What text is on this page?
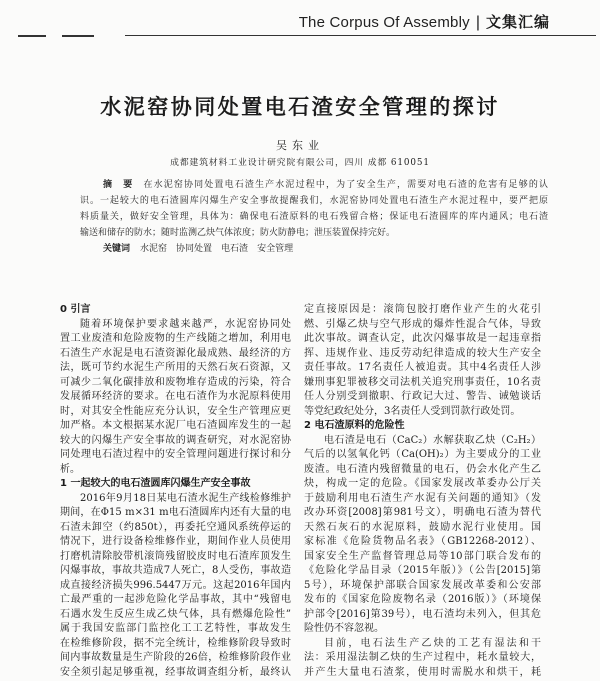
The Corpus Of Assembly | 文集汇编
水泥窑协同处置电石渣安全管理的探讨
吴东业
成都建筑材料工业设计研究院有限公司，四川 成都 610051
摘　要 在水泥窑协同处置电石渣生产水泥过程中，为了安全生产，需要对电石渣的危害有足够的认
识。一起较大的电石渣圆库闪爆生产安全事故提醒我们，水泥窑协同处置电石渣生产水泥过程中，要严把原
料质量关，做好安全管理，具体为：确保电石渣原料的电石残留合格；保证电石渣圆库的库内通风；电石渣
输送和储存的防水；随时监测乙炔气体浓度；防火防静电；泄压装置保持完好。
关键词 水泥窑 协同处置 电石渣 安全管理
0 引言
随着环境保护要求越来越严，水泥窑协同处
置工业废渣和危险废物的生产线随之增加，利用电
石渣生产水泥是电石渣资源化最成熟、最经济的方
法，既可节约水泥生产所用的天然石灰石资源，又
可减少二氧化碳排放和废物堆存造成的污染，符合
发展循环经济的要求。在电石渣作为水泥原料使用
时，对其安全性能应充分认识，安全生产管理应更
加严格。本文根据某水泥厂电石渣圆库发生的一起
较大的闪爆生产安全事故的调查研究，对水泥窑协
同处理电石渣过程中的安全管理问题进行探讨和分
析。
1 一起较大的电石渣圆库闪爆生产安全事故
2016年9月18日某电石渣水泥生产线检修维护
期间，在Φ15 m×31 m电石渣圆库内还有大量的电
石渣未卸空（约850t），再委托空通风系统停运的
情况下，进行设备检维修作业，期间作业人员使用
打磨机清除胶带机滚筒残留胶皮时电石渣库顶发生
闪爆事故，事故共造成7人死亡，8人受伤，事故造
成直接经济损失996.5447万元。这起2016年国内
亡最严重的一起涉危险化学品事故，其中“残留电
石遇水发生反应生成乙炔气体，具有燃爆危险性”
属于我国安监部门监控化工工艺特性，事故发生
在检维修阶段，据不完全统计，检维修阶段导致时
间内事故数量是生产阶段的26倍，检维修阶段作业
安全须引起足够重视，经事故调查组分析，最终认
定直接原因是：滚筒包胶打磨作业产生的火花引
燃、引爆乙炔与空气形成的爆炸性混合气体，导致
此次事故。调查认定，此次闪爆事故是一起违章指
挥、违规作业、违反劳动纪律造成的较大生产安全
责任事故。17名责任人被追责。其中4名责任人涉
嫌刑事犯罪被移交司法机关追究刑事责任，10名责
任人分别受到撤职、行政记大过、警告、诫勉谈话
等党纪政纪处分，3名责任人受到罚款行政处罚。
2 电石渣原料的危险性
电石渣是电石（CaC₂）水解获取乙炔（C₂H₂）
气后的以氢氧化钙（Ca(OH)₂）为主要成分的工业
废渣。电石渣内残留微量的电石，仍会水化产生乙
炔，构成一定的危险。《国家发展改革委办公厅关
于鼓励利用电石渣生产水泥有关问题的通知》（发
改办环资[2008]第981号文），明确电石渣为替代
天然石灰石的水泥原料，鼓励水泥行业使用。国
家标准《危险货物品名表》（GB12268-2012）、
国家安全生产监督管理总局等10部门联合发布的
《危险化学品目录（2015年版）》（公告[2015]第
5号），环境保护部联合国家发展改革委和公安部
发布的《国家危险废物名录（2016版）》（环境保
护部令[2016]第39号），电石渣均未列入，但其危
险性仍不容忽视。
目前，电石法生产乙炔的工艺有湿法和干
法：采用湿法制乙炔的生产过程中，耗水量较大，
并产生大量电石渣浆，使用时需脱水和烘干，耗
